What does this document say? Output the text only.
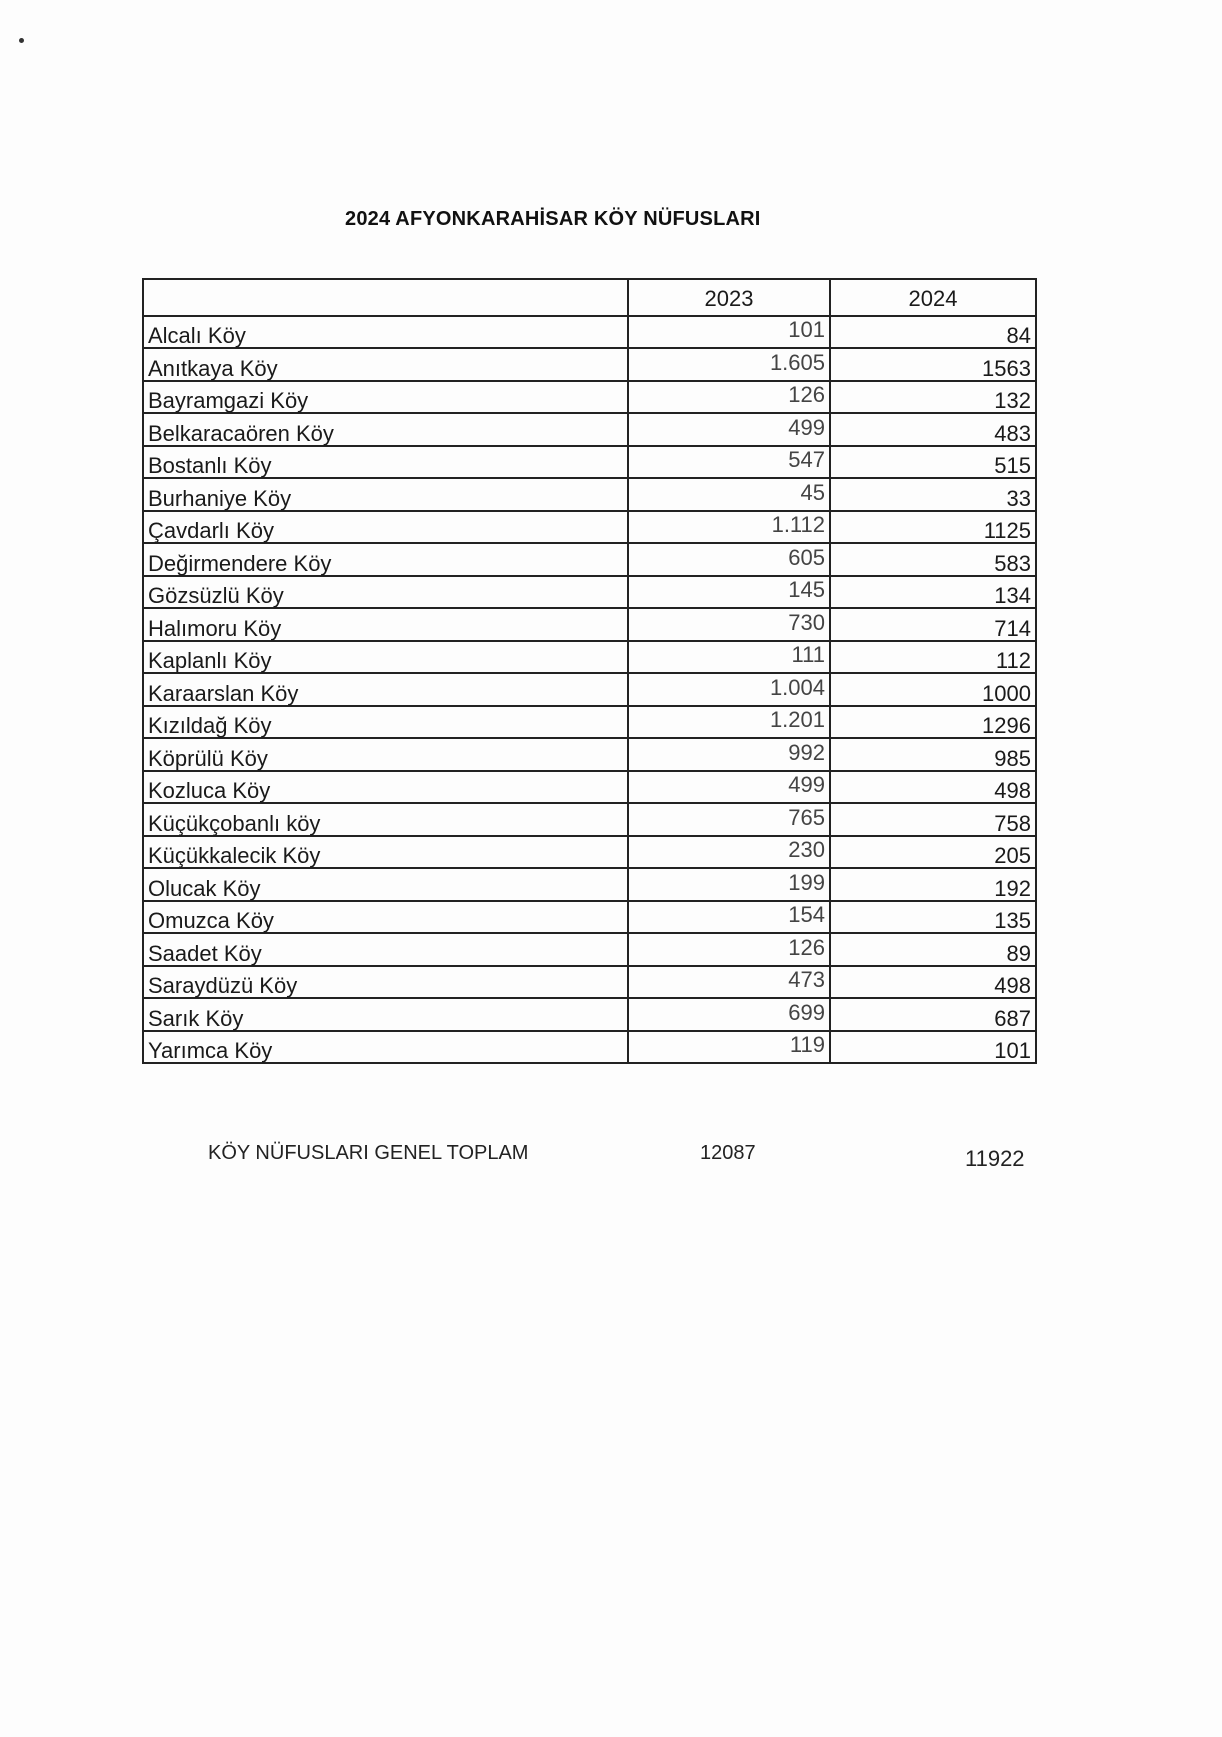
2024 AFYONKARAHİSAR KÖY NÜFUSLARI
	2023	2024

Alcalı Köy	101	84

Anıtkaya Köy	1.605	1563

Bayramgazi Köy	126	132

Belkaracaören Köy	499	483

Bostanlı Köy	547	515

Burhaniye Köy	45	33

Çavdarlı Köy	1.112	1125

Değirmendere Köy	605	583

Gözsüzlü Köy	145	134

Halımoru Köy	730	714

Kaplanlı Köy	111	112

Karaarslan Köy	1.004	1000

Kızıldağ Köy	1.201	1296

Köprülü Köy	992	985

Kozluca Köy	499	498

Küçükçobanlı köy	765	758

Küçükkalecik Köy	230	205

Olucak Köy	199	192

Omuzca Köy	154	135

Saadet Köy	126	89

Saraydüzü Köy	473	498

Sarık Köy	699	687

Yarımca Köy	119	101
KÖY NÜFUSLARI GENEL TOPLAM	12087	11922
